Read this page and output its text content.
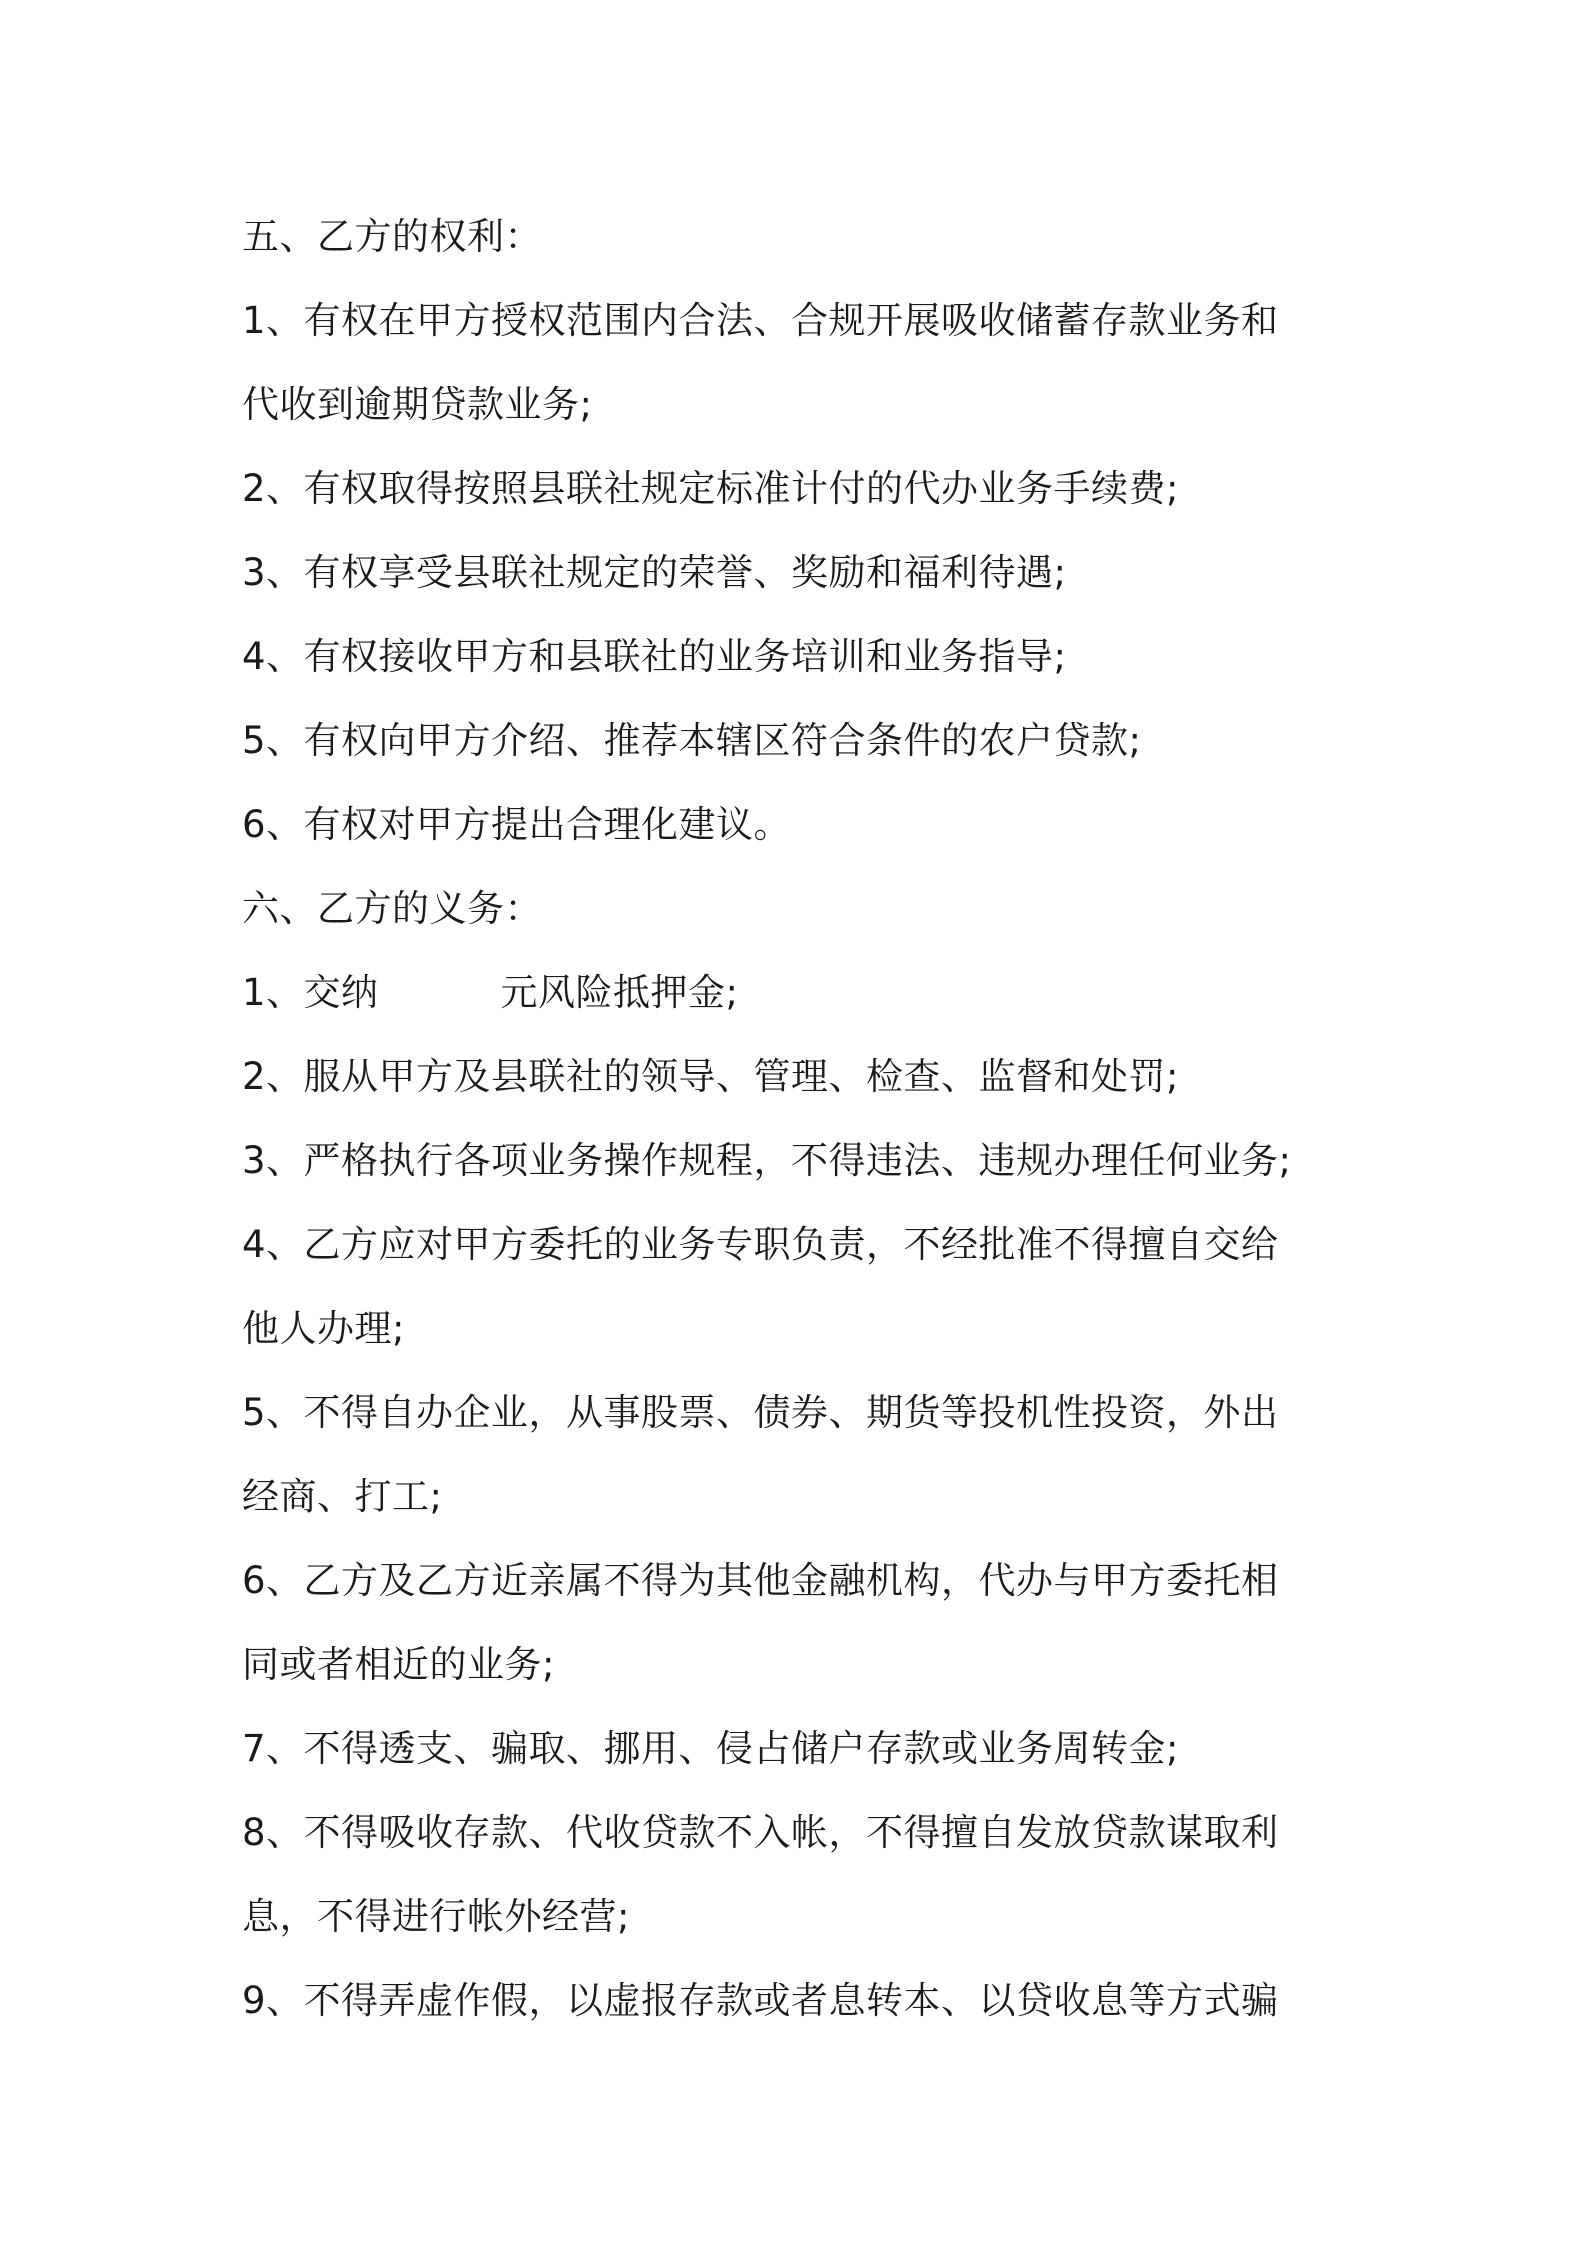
五、乙方的权利：
1、有权在甲方授权范围内合法、合规开展吸收储蓄存款业务和
代收到逾期贷款业务;
2、有权取得按照县联社规定标准计付的代办业务手续费;
3、有权享受县联社规定的荣誉、奖励和福利待遇;
4、有权接收甲方和县联社的业务培训和业务指导;
5、有权向甲方介绍、推荐本辖区符合条件的农户贷款;
6、有权对甲方提出合理化建议。
六、乙方的义务：
1、交纳	元风险抵押金;
2、服从甲方及县联社的领导、管理、检查、监督和处罚;
3、严格执行各项业务操作规程，不得违法、违规办理任何业务;
4、乙方应对甲方委托的业务专职负责，不经批准不得擅自交给
他人办理;
5、不得自办企业，从事股票、债券、期货等投机性投资，外出
经商、打工;
6、乙方及乙方近亲属不得为其他金融机构，代办与甲方委托相
同或者相近的业务;
7、不得透支、骗取、挪用、侵占储户存款或业务周转金;
8、不得吸收存款、代收贷款不入帐，不得擅自发放贷款谋取利
息，不得进行帐外经营;
9、不得弄虚作假，以虚报存款或者息转本、以贷收息等方式骗
